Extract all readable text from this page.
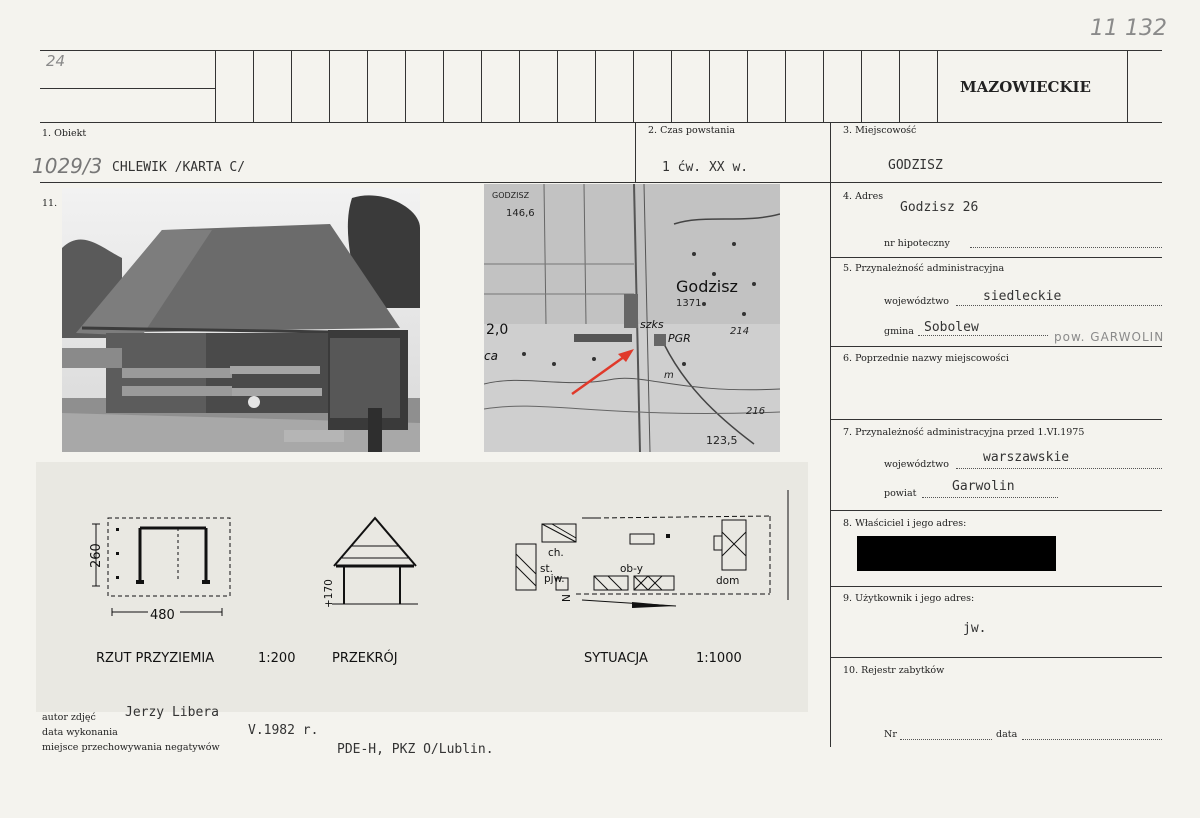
24
11 132
MAZOWIECKIE
1. Obiekt
1029/3 CHLEWIK /KARTA C/
2. Czas powstania
1 ćw. XX w.
3. Miejscowość
GODZISZ
11.
GODZISZ
146,6
Godzisz
1371
214
2,0
ca
szks
PGR
216
123,5
m
260
480
+170
ch.
st.
pjw.
ob-y
dom
N
RZUT PRZYZIEMIA	1:200	PRZEKRÓJ	SYTUACJA	1:1000
4. Adres
Godzisz 26
nr hipoteczny
5. Przynależność administracyjna
województwo	siedleckie
gmina Sobolew
pow. GARWOLIN
6. Poprzednie nazwy miejscowości
7. Przynależność administracyjna przed 1.VI.1975
województwo	warszawskie
powiat	Garwolin
8. Właściciel i jego adres:
9. Użytkownik i jego adres:
jw.
10. Rejestr zabytków
Nr	data
autor zdjęć Jerzy Libera
data wykonania	V.1982 r.
miejsce przechowywania negatywów	PDE-H, PKZ O/Lublin.
